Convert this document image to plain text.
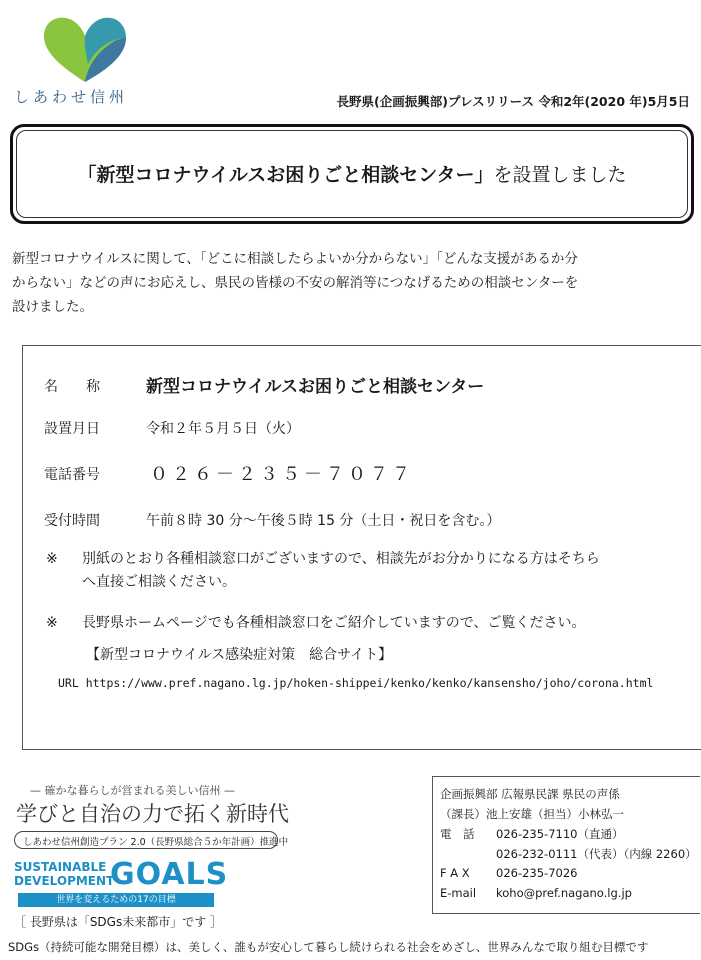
しあわせ信州	長野県(企画振興部)プレスリリース 令和2年(2020 年)5月5日
「新型コロナウイルスお困りごと相談センター」を設置しました
新型コロナウイルスに関して、「どこに相談したらよいか分からない」「どんな支援があるか分
からない」などの声にお応えし、県民の皆様の不安の解消等につなげるための相談センターを
設けました。
名　　称	新型コロナウイルスお困りごと相談センター
設置月日	令和２年５月５日（火）
電話番号	０２６－２３５－７０７７
受付時間	午前８時 30 分～午後５時 15 分（土日・祝日を含む。）
※ 別紙のとおり各種相談窓口がございますので、相談先がお分かりになる方はそちら
へ直接ご相談ください。
※ 長野県ホームページでも各種相談窓口をご紹介していますので、ご覧ください。
【新型コロナウイルス感染症対策　総合サイト】
URL https://www.pref.nagano.lg.jp/hoken-shippei/kenko/kenko/kansensho/joho/corona.html
— 確かな暮らしが営まれる美しい信州 —
学びと自治の力で拓く新時代
しあわせ信州創造プラン 2.0（長野県総合５か年計画）推進中
SUSTAINABLE
DEVELOPMENT
GOALS
世界を変えるための17の目標
［ 長野県は「SDGs未来都市」です ］
SDGs（持続可能な開発目標）は、美しく、誰もが安心して暮らし続けられる社会をめざし、世界みんなで取り組む目標です
企画振興部 広報県民課 県民の声係
（課長）池上安雄（担当）小林弘一
電　話 026-235-7110（直通）
026-232-0111（代表）（内線 2260）
F A X 026-235-7026
E-mail koho@pref.nagano.lg.jp
